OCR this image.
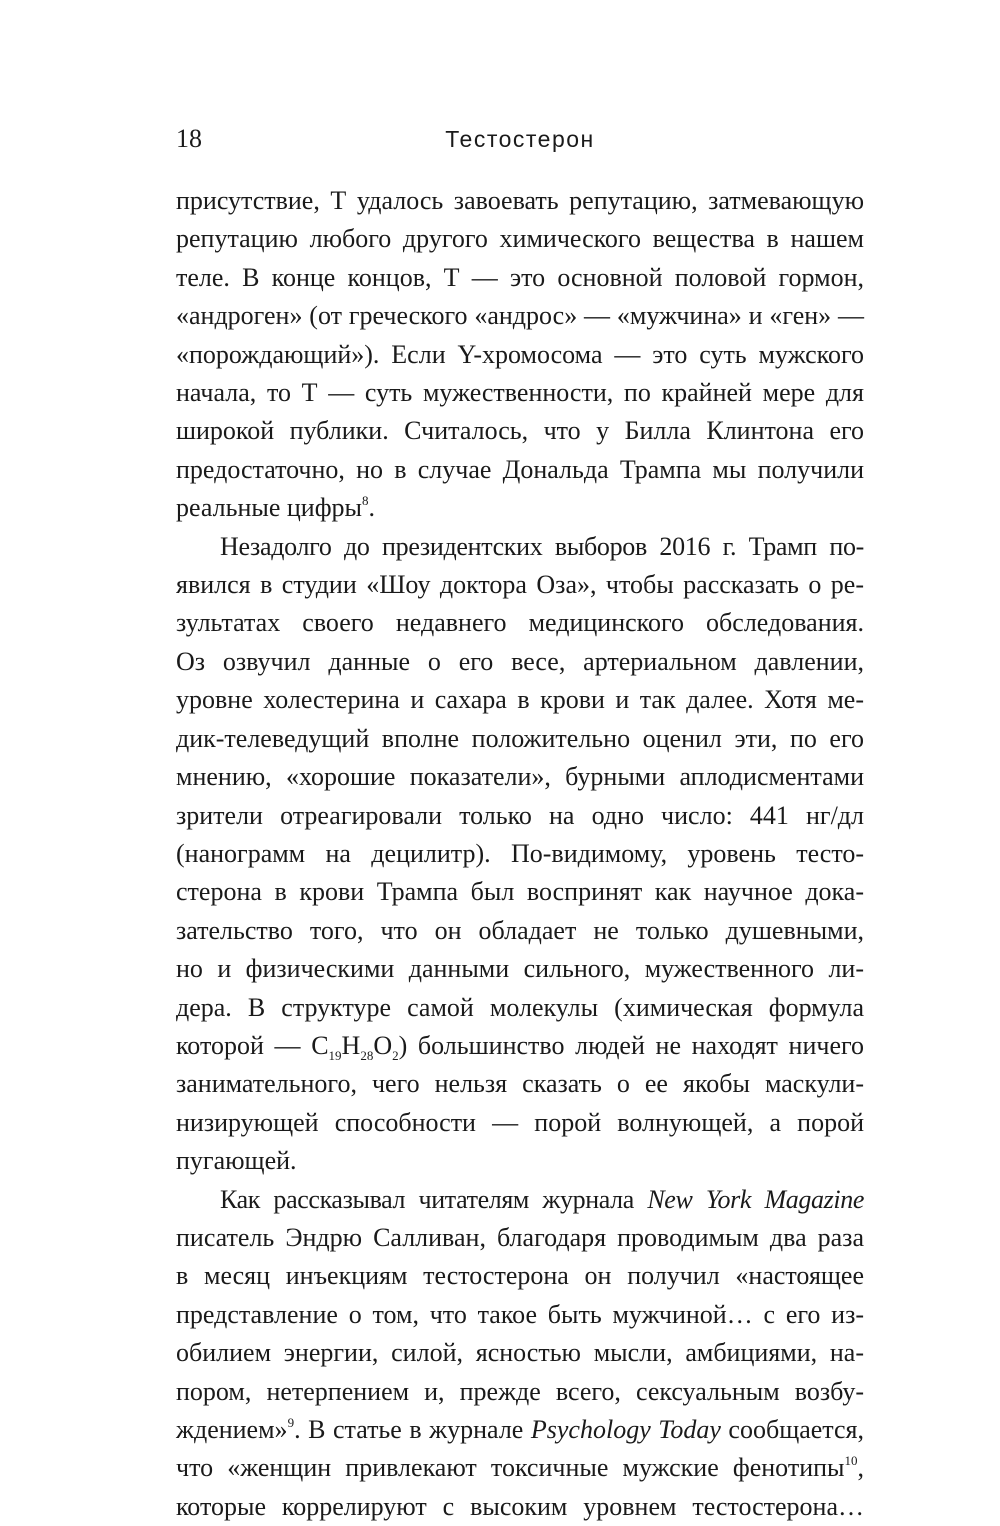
18	Тестостерон

присутствие, Т удалось завоевать репутацию, затмевающую
репутацию любого другого химического вещества в нашем
теле. В конце концов, Т — это основной половой гормон,
«андроген» (от греческого «андрос» — «мужчина» и «ген» —
«порождающий»). Если Y-хромосома — это суть мужского
начала, то Т — суть мужественности, по крайней мере для
широкой публики. Считалось, что у Билла Клинтона его
предостаточно, но в случае Дональда Трампа мы получили
реальные цифры$^8$.

Незадолго до президентских выборов 2016 г. Трамп по-
явился в студии «Шоу доктора Оза», чтобы рассказать о ре-
зультатах своего недавнего медицинского обследования.
Оз озвучил данные о его весе, артериальном давлении,
уровне холестерина и сахара в крови и так далее. Хотя ме-
дик-телеведущий вполне положительно оценил эти, по его
мнению, «хорошие показатели», бурными аплодисментами
зрители отреагировали только на одно число: 441 нг/дл
(нанограмм на децилитр). По-видимому, уровень тесто-
стерона в крови Трампа был воспринят как научное дока-
зательство того, что он обладает не только душевными,
но и физическими данными сильного, мужественного ли-
дера. В структуре самой молекулы (химическая формула
которой — $C_{19}H_{28}O_2$) большинство людей не находят ничего
занимательного, чего нельзя сказать о ее якобы маскули-
низирующей способности — порой волнующей, а порой
пугающей.

Как рассказывал читателям журнала New York Magazine
писатель Эндрю Салливан, благодаря проводимым два раза
в месяц инъекциям тестостерона он получил «настоящее
представление о том, что такое быть мужчиной… с его из-
обилием энергии, силой, ясностью мысли, амбициями, на-
пором, нетерпением и, прежде всего, сексуальным возбу-
ждением»$^9$. В статье в журнале Psychology Today сообщается,
что «женщин привлекают токсичные мужские фенотипы$^{10}$,
которые коррелируют с высоким уровнем тестостерона…
